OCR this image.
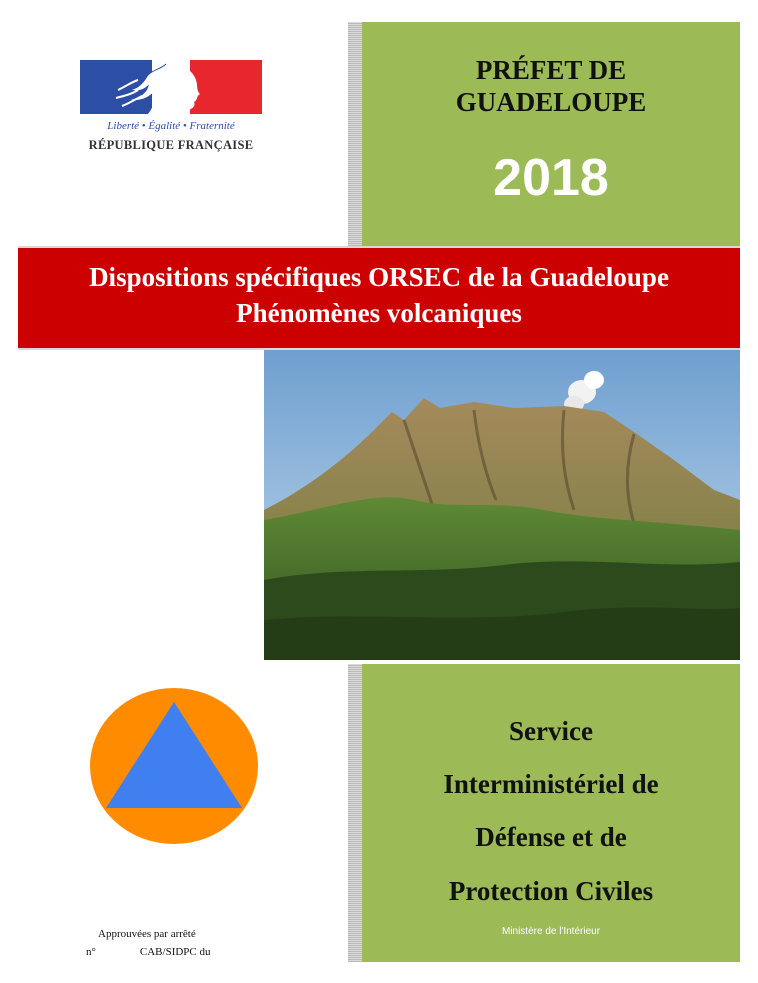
Liberté • Égalité • Fraternité
RÉPUBLIQUE FRANÇAISE
PRÉFET DE
GUADELOUPE
2018
Dispositions spécifiques ORSEC de la Guadeloupe
Phénomènes volcaniques
Service
Interministériel de
Défense et de
Protection Civiles
Ministère de l'Intérieur
Approuvées par arrêté
n°	CAB/SIDPC du
